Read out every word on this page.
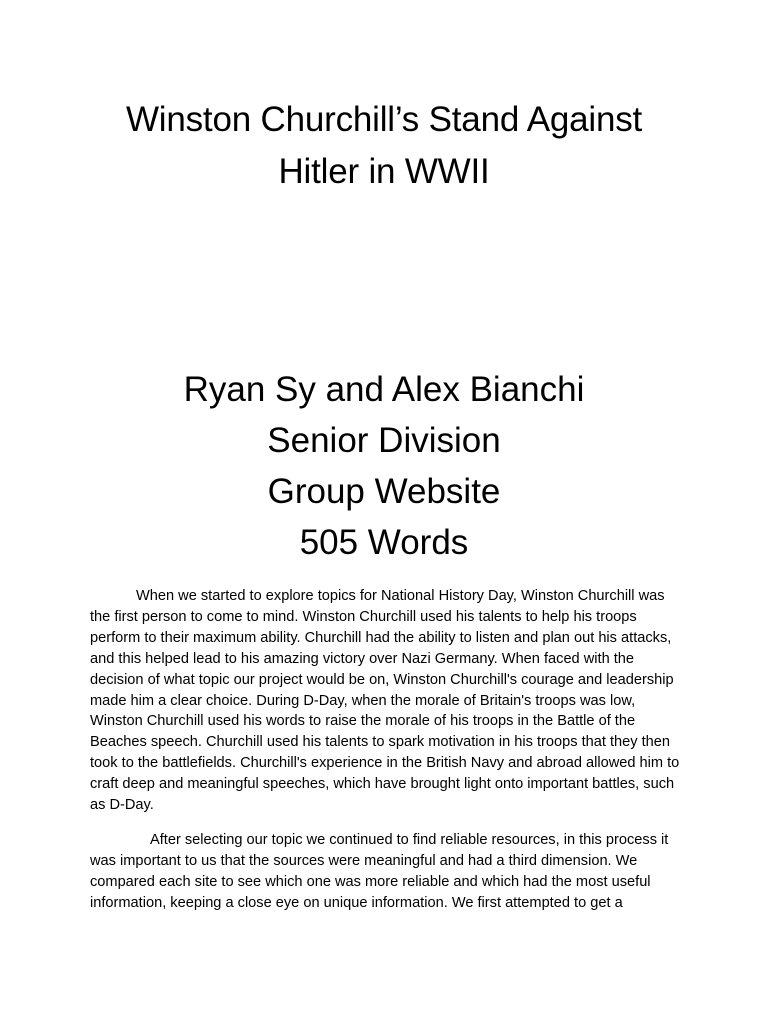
Winston Churchill’s Stand Against
Hitler in WWII
Ryan Sy and Alex Bianchi
Senior Division
Group Website
505 Words

When we started to explore topics for National History Day, Winston Churchill was the first person to come to mind. Winston Churchill used his talents to help his troops perform to their maximum ability. Churchill had the ability to listen and plan out his attacks, and this helped lead to his amazing victory over Nazi Germany. When faced with the decision of what topic our project would be on, Winston Churchill's courage and leadership made him a clear choice. During D-Day, when the morale of Britain's troops was low, Winston Churchill used his words to raise the morale of his troops in the Battle of the Beaches speech. Churchill used his talents to spark motivation in his troops that they then took to the battlefields. Churchill's experience in the British Navy and abroad allowed him to craft deep and meaningful speeches, which have brought light onto important battles, such as D-Day.

After selecting our topic we continued to find reliable resources, in this process it was important to us that the sources were meaningful and had a third dimension. We compared each site to see which one was more reliable and which had the most useful information, keeping a close eye on unique information. We first attempted to get a
